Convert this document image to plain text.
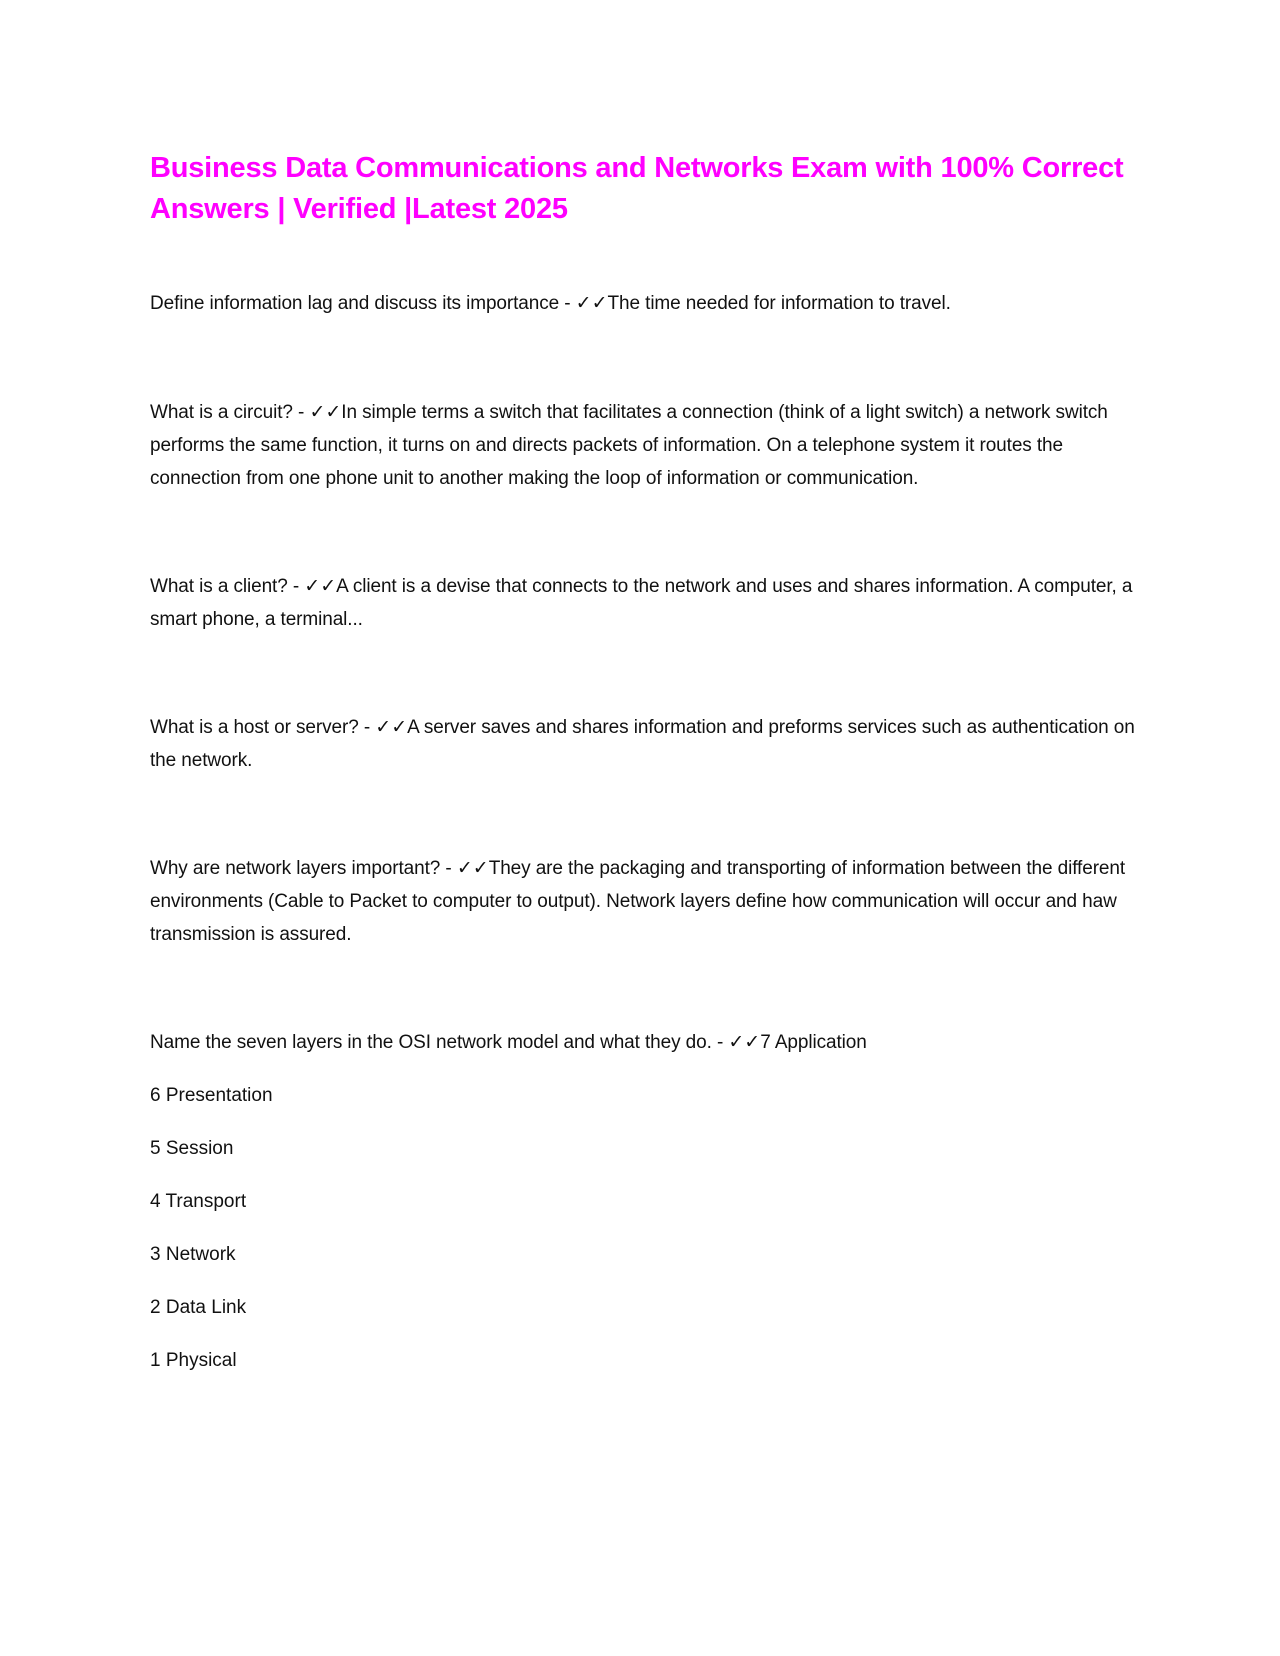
Business Data Communications and Networks Exam with 100% Correct Answers | Verified |Latest 2025

Define information lag and discuss its importance - ✓✓The time needed for information to travel.

What is a circuit? - ✓✓In simple terms a switch that facilitates a connection (think of a light switch) a network switch performs the same function, it turns on and directs packets of information. On a telephone system it routes the connection from one phone unit to another making the loop of information or communication.

What is a client? - ✓✓A client is a devise that connects to the network and uses and shares information. A computer, a smart phone, a terminal...

What is a host or server? - ✓✓A server saves and shares information and preforms services such as authentication on the network.

Why are network layers important? - ✓✓They are the packaging and transporting of information between the different environments (Cable to Packet to computer to output). Network layers define how communication will occur and haw transmission is assured.

Name the seven layers in the OSI network model and what they do. - ✓✓7 Application

6 Presentation
5 Session
4 Transport
3 Network
2 Data Link
1 Physical
